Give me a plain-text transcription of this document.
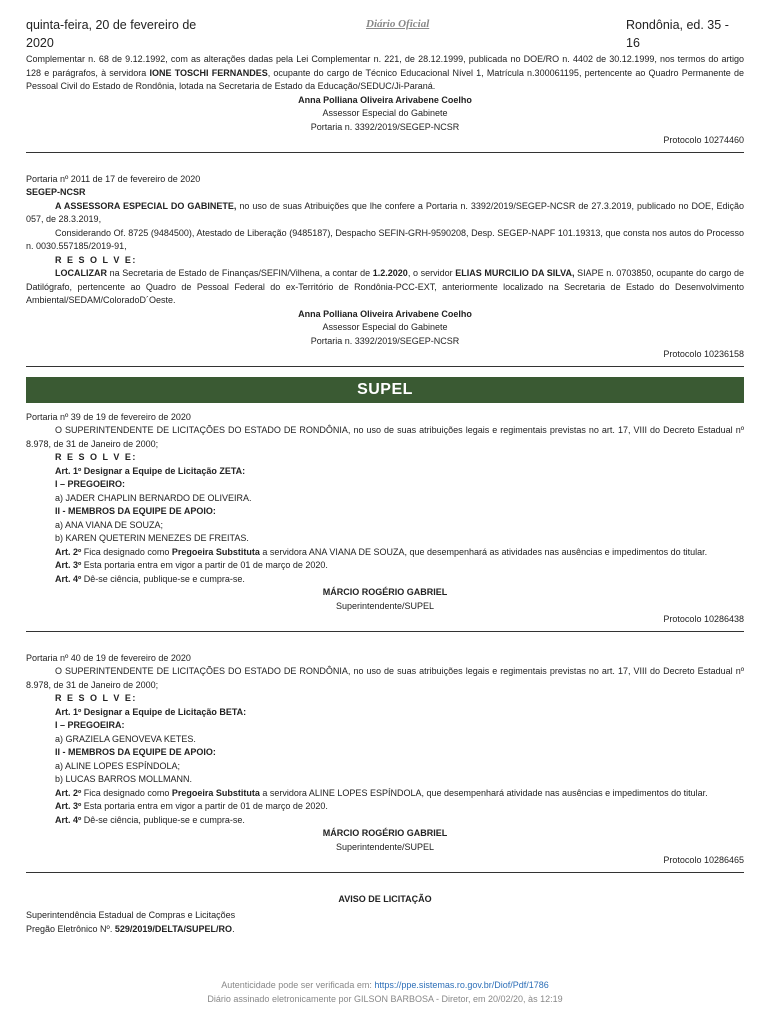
quinta-feira, 20 de fevereiro de 2020
Diário Oficial	Rondônia, ed. 35 - 16

Complementar n. 68 de 9.12.1992, com as alterações dadas pela Lei Complementar n. 221, de 28.12.1999, publicada no DOE/RO n. 4402 de 30.12.1999, nos termos do artigo 128 e parágrafos, à servidora IONE TOSCHI FERNANDES, ocupante do cargo de Técnico Educacional Nível 1, Matrícula n.300061195, pertencente ao Quadro Permanente de Pessoal Civil do Estado de Rondônia, lotada na Secretaria de Estado da Educação/SEDUC/Ji-Paraná.

Anna Polliana Oliveira Arivabene Coelho

Assessor Especial do Gabinete

Portaria n. 3392/2019/SEGEP-NCSR

Protocolo 10274460

Portaria nº 2011 de 17 de fevereiro de 2020

SEGEP-NCSR

A ASSESSORA ESPECIAL DO GABINETE, no uso de suas Atribuições que lhe confere a Portaria n. 3392/2019/SEGEP-NCSR de 27.3.2019, publicado no DOE, Edição 057, de 28.3.2019,

Considerando Of. 8725 (9484500), Atestado de Liberação (9485187), Despacho SEFIN-GRH-9590208, Desp. SEGEP-NAPF 101.19313, que consta nos autos do Processo n. 0030.557185/2019-91,

R E S O L V E:

LOCALIZAR na Secretaria de Estado de Finanças/SEFIN/Vilhena, a contar de 1.2.2020, o servidor ELIAS MURCILIO DA SILVA, SIAPE n. 0703850, ocupante do cargo de Datilógrafo, pertencente ao Quadro de Pessoal Federal do ex-Território de Rondônia-PCC-EXT, anteriormente localizado na Secretaria de Estado do Desenvolvimento Ambiental/SEDAM/ColoradoD´Oeste.

Anna Polliana Oliveira Arivabene Coelho

Assessor Especial do Gabinete

Portaria n. 3392/2019/SEGEP-NCSR

Protocolo 10236158

SUPEL

Portaria nº 39 de 19 de fevereiro de 2020

O SUPERINTENDENTE DE LICITAÇÕES DO ESTADO DE RONDÔNIA, no uso de suas atribuições legais e regimentais previstas no art. 17, VIII do Decreto Estadual nº 8.978, de 31 de Janeiro de 2000;

R E S O L V E:

Art. 1º Designar a Equipe de Licitação ZETA:

I – PREGOEIRO:

a) JADER CHAPLIN BERNARDO DE OLIVEIRA.

II - MEMBROS DA EQUIPE DE APOIO:

a) ANA VIANA DE SOUZA;

b) KAREN QUETERIN MENEZES DE FREITAS.

Art. 2º Fica designado como Pregoeira Substituta a servidora ANA VIANA DE SOUZA, que desempenhará as atividades nas ausências e impedimentos do titular.

Art. 3º Esta portaria entra em vigor a partir de 01 de março de 2020.

Art. 4º Dê-se ciência, publique-se e cumpra-se.

MÁRCIO ROGÉRIO GABRIEL

Superintendente/SUPEL

Protocolo 10286438

Portaria nº 40 de 19 de fevereiro de 2020

O SUPERINTENDENTE DE LICITAÇÕES DO ESTADO DE RONDÔNIA, no uso de suas atribuições legais e regimentais previstas no art. 17, VIII do Decreto Estadual nº 8.978, de 31 de Janeiro de 2000;

R E S O L V E:

Art. 1º Designar a Equipe de Licitação BETA:

I – PREGOEIRA:

a) GRAZIELA GENOVEVA KETES.

II - MEMBROS DA EQUIPE DE APOIO:

a) ALINE LOPES ESPÍNDOLA;

b) LUCAS BARROS MOLLMANN.

Art. 2º Fica designado como Pregoeira Substituta a servidora ALINE LOPES ESPÍNDOLA, que desempenhará atividade nas ausências e impedimentos do titular.

Art. 3º Esta portaria entra em vigor a partir de 01 de março de 2020.

Art. 4º Dê-se ciência, publique-se e cumpra-se.

MÁRCIO ROGÉRIO GABRIEL

Superintendente/SUPEL

Protocolo 10286465

AVISO DE LICITAÇÃO

Superintendência Estadual de Compras e Licitações

Pregão Eletrônico Nº. 529/2019/DELTA/SUPEL/RO.

Autenticidade pode ser verificada em: https://ppe.sistemas.ro.gov.br/Diof/Pdf/1786
Diário assinado eletronicamente por GILSON BARBOSA - Diretor, em 20/02/20, às 12:19
